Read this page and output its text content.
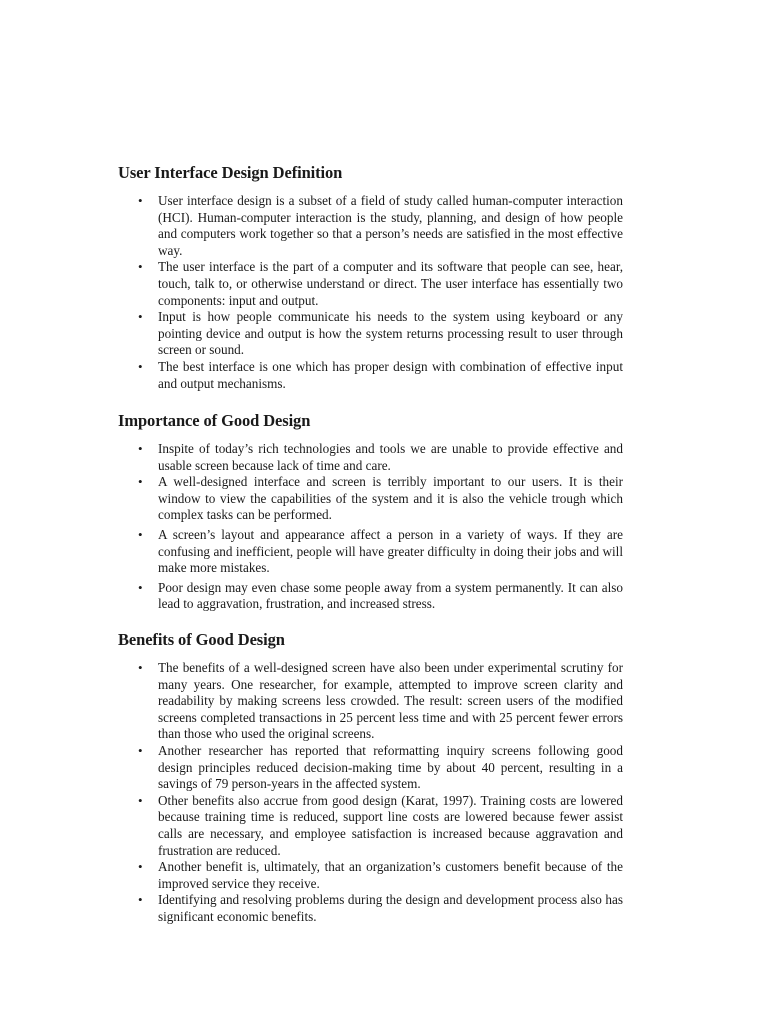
User Interface Design Definition
• User interface design is a subset of a field of study called human-computer interaction (HCI). Human-computer interaction is the study, planning, and design of how people and computers work together so that a person’s needs are satisfied in the most effective way.
• The user interface is the part of a computer and its software that people can see, hear, touch, talk to, or otherwise understand or direct. The user interface has essentially two components: input and output.
• Input is how people communicate his needs to the system using keyboard or any pointing device and output is how the system returns processing result to user through screen or sound.
• The best interface is one which has proper design with combination of effective input and output mechanisms.
Importance of Good Design
• Inspite of today’s rich technologies and tools we are unable to provide effective and usable screen because lack of time and care.
• A well-designed interface and screen is terribly important to our users. It is their window to view the capabilities of the system and it is also the vehicle trough which complex tasks can be performed.
• A screen’s layout and appearance affect a person in a variety of ways. If they are confusing and inefficient, people will have greater difficulty in doing their jobs and will make more mistakes.
• Poor design may even chase some people away from a system permanently. It can also lead to aggravation, frustration, and increased stress.
Benefits of Good Design
• The benefits of a well-designed screen have also been under experimental scrutiny for many years. One researcher, for example, attempted to improve screen clarity and readability by making screens less crowded. The result: screen users of the modified screens completed transactions in 25 percent less time and with 25 percent fewer errors than those who used the original screens.
• Another researcher has reported that reformatting inquiry screens following good design principles reduced decision-making time by about 40 percent, resulting in a savings of 79 person-years in the affected system.
• Other benefits also accrue from good design (Karat, 1997). Training costs are lowered because training time is reduced, support line costs are lowered because fewer assist calls are necessary, and employee satisfaction is increased because aggravation and frustration are reduced.
• Another benefit is, ultimately, that an organization’s customers benefit because of the improved service they receive.
• Identifying and resolving problems during the design and development process also has significant economic benefits.
